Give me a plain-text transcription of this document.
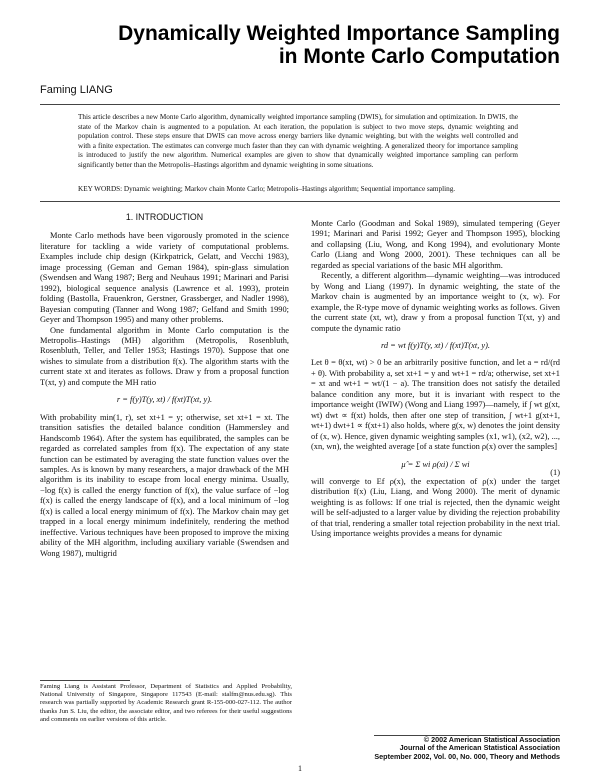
Dynamically Weighted Importance Sampling
in Monte Carlo Computation
Faming LIANG
This article describes a new Monte Carlo algorithm, dynamically weighted importance sampling (DWIS), for simulation and optimization. In DWIS, the state of the Markov chain is augmented to a population. At each iteration, the population is subject to two move steps, dynamic weighting and population control. These steps ensure that DWIS can move across energy barriers like dynamic weighting, but with the weights well controlled and with a finite expectation. The estimates can converge much faster than they can with dynamic weighting. A generalized theory for importance sampling is introduced to justify the new algorithm. Numerical examples are given to show that dynamically weighted importance sampling can perform significantly better than the Metropolis–Hastings algorithm and dynamic weighting in some situations.
KEY WORDS: Dynamic weighting; Markov chain Monte Carlo; Metropolis–Hastings algorithm; Sequential importance sampling.
1. INTRODUCTION

Monte Carlo methods have been vigorously promoted in the science literature for tackling a wide variety of computational problems. Examples include chip design (Kirkpatrick, Gelatt, and Vecchi 1983), image processing (Geman and Geman 1984), spin-glass simulation (Swendsen and Wang 1987; Berg and Neuhaus 1991; Marinari and Parisi 1992), biological sequence analysis (Lawrence et al. 1993), protein folding (Bastolla, Frauenkron, Gerstner, Grassberger, and Nadler 1998), Bayesian computing (Tanner and Wong 1987; Gelfand and Smith 1990; Geyer and Thompson 1995) and many other problems.

One fundamental algorithm in Monte Carlo computation is the Metropolis–Hastings (MH) algorithm (Metropolis, Rosenbluth, Rosenbluth, Teller, and Teller 1953; Hastings 1970). Suppose that one wishes to simulate from a distribution f(x). The algorithm starts with the current state xt and iterates as follows. Draw y from a proposal function T(xt, y) and compute the MH ratio

r = f(y)T(y, xt) / f(xt)T(xt, y).

With probability min(1, r), set xt+1 = y; otherwise, set xt+1 = xt. The transition satisfies the detailed balance condition (Hammersley and Handscomb 1964). After the system has equilibrated, the samples can be regarded as correlated samples from f(x). The expectation of any state function can be estimated by averaging the state function values over the samples. As is known by many researchers, a major drawback of the MH algorithm is its inability to escape from local energy minima. Usually, −log f(x) is called the energy function of f(x), the value surface of −log f(x) is called the energy landscape of f(x), and a local minimum of −log f(x) is called a local energy minimum of f(x). The Markov chain may get trapped in a local energy minimum indefinitely, rendering the method ineffective. Various techniques have been proposed to improve the mixing ability of the MH algorithm, including auxiliary variable (Swendsen and Wong 1987), multigrid

Monte Carlo (Goodman and Sokal 1989), simulated tempering (Geyer 1991; Marinari and Parisi 1992; Geyer and Thompson 1995), blocking and collapsing (Liu, Wong, and Kong 1994), and evolutionary Monte Carlo (Liang and Wong 2000, 2001). These techniques can all be regarded as special variations of the basic MH algorithm.

Recently, a different algorithm—dynamic weighting—was introduced by Wong and Liang (1997). In dynamic weighting, the state of the Markov chain is augmented by an importance weight to (x, w). For example, the R-type move of dynamic weighting works as follows. Given the current state (xt, wt), draw y from a proposal function T(xt, y) and compute the dynamic ratio

rd = wt f(y)T(y, xt) / f(xt)T(xt, y).

Let θ = θ(xt, wt) > 0 be an arbitrarily positive function, and let a = rd/(rd + θ). With probability a, set xt+1 = y and wt+1 = rd/a; otherwise, set xt+1 = xt and wt+1 = wt/(1 − a). The transition does not satisfy the detailed balance condition any more, but it is invariant with respect to the importance weight (IWIW) (Wong and Liang 1997)—namely, if ∫ wt g(xt, wt) dwt ∝ f(xt) holds, then after one step of transition, ∫ wt+1 g(xt+1, wt+1) dwt+1 ∝ f(xt+1) also holds, where g(x, w) denotes the joint density of (x, w). Hence, given dynamic weighting samples (x1, w1), (x2, w2), ..., (xn, wn), the weighted average [of a state function ρ(x) over the samples]

μ̂ = Σ wi ρ(xi) / Σ wi
(1)

will converge to Ef ρ(x), the expectation of ρ(x) under the target distribution f(x) (Liu, Liang, and Wong 2000). The merit of dynamic weighting is as follows: If one trial is rejected, then the dynamic weight will be self-adjusted to a larger value by dividing the rejection probability of that trial, rendering a smaller total rejection probability in the next trial. Using importance weights provides a means for dynamic

Faming Liang is Assistant Professor, Department of Statistics and Applied Probability, National University of Singapore, Singapore 117543 (E-mail: stalfm@nus.edu.sg). This research was partially supported by Academic Research grant R-155-000-027-112. The author thanks Jun S. Liu, the editor, the associate editor, and two referees for their useful suggestions and comments on earlier versions of this article.
© 2002 American Statistical Association
Journal of the American Statistical Association
September 2002, Vol. 00, No. 000, Theory and Methods
1
